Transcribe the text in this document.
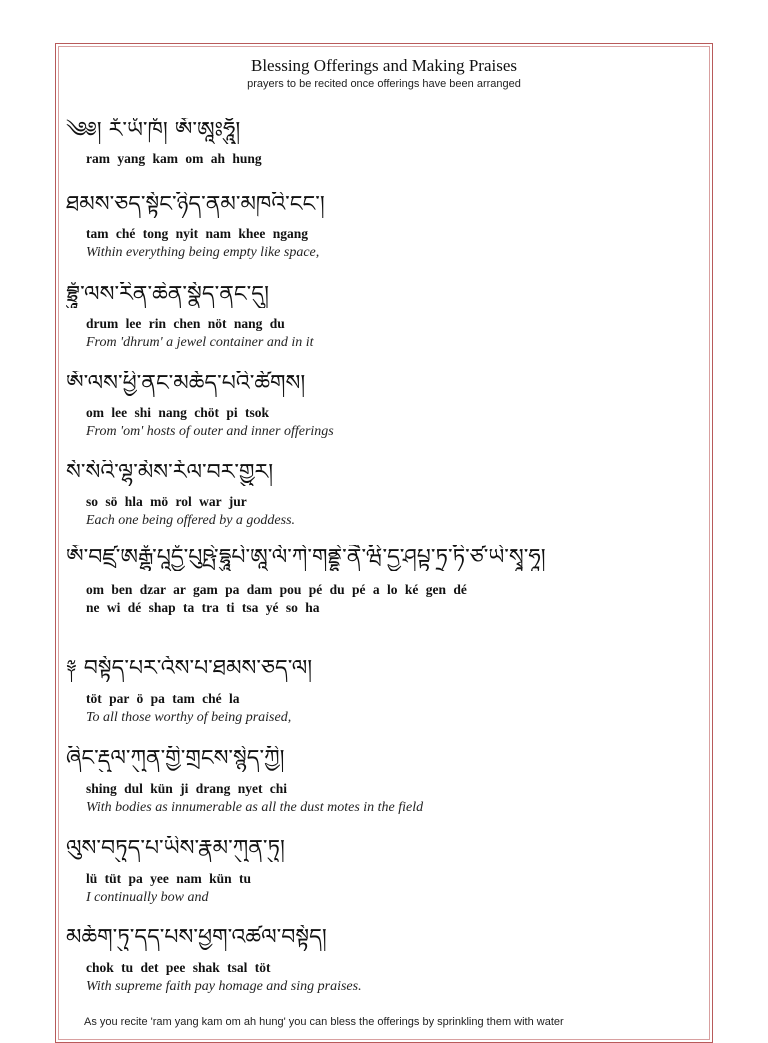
Blessing Offerings and Making Praises
prayers to be recited once offerings have been arranged
༄༅། རཾ་ཡཾ་ཁཾ། ཨོཾ་ཨཱཿཧཱུྃ།
ram yang kam om ah hung
ཐམས་ཅད་སྟོང་ཉིད་ནམ་མཁའི་ངང་།
tam ché tong nyit nam khee ngang
Within everything being empty like space,
བྷྲཱུཾ་ལས་རིན་ཆེན་སྣོད་ནང་དུ།
drum lee rin chen nöt nang du
From 'dhrum' a jewel container and in it
ཨོཾ་ལས་ཕྱི་ནང་མཆོད་པའི་ཚོགས།
om lee shi nang chöt pi tsok
From 'om' hosts of outer and inner offerings
སོ་སོའི་ལྷ་མོས་རོལ་བར་གྱུར།
so sö hla mö rol war jur
Each one being offered by a goddess.
ཨོཾ་བཛྲ་ཨརྒྷཾ་པཱདྱཾ་པུཥྤེ་དྷཱུཔེ་ཨཱ་ལོ་ཀེ་གནྡྷེ་ནཻ་ཝི་དྱ་ཤཔྟ་ཏྲ་ཏི་ཙ་ཡེ་སྭཱ་ཧཱ།
om ben dzar ar gam pa dam pou pé du pé a lo ké gen dé
ne wi dé shap ta tra ti tsa yé so ha
༈ བསྟོད་པར་འོས་པ་ཐམས་ཅད་ལ།
töt par ö pa tam ché la
To all those worthy of being praised,
ཞིང་རྡུལ་ཀུན་གྱི་གྲངས་སྙེད་ཀྱི།
shing dul kün ji drang nyet chi
With bodies as innumerable as all the dust motes in the field
ལུས་བཏུད་པ་ཡིས་རྣམ་ཀུན་ཏུ།
lü tüt pa yee nam kün tu
I continually bow and
མཆོག་ཏུ་དད་པས་ཕྱག་འཚལ་བསྟོད།
chok tu det pee shak tsal töt
With supreme faith pay homage and sing praises.
As you recite 'ram yang kam om ah hung' you can bless the offerings by sprinkling them with water
